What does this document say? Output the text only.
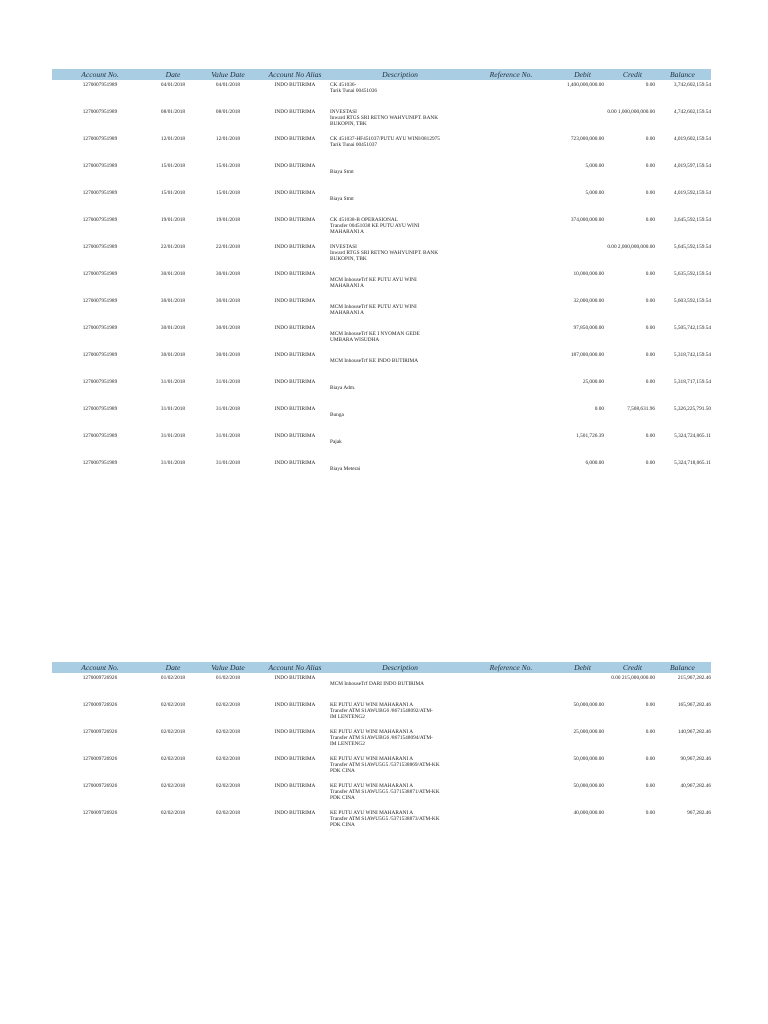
Account No.	Date	Value Date	Account No Alias	Description	Reference No.	Debit	Credit	Balance
1270007951989	04/01/2018	04/01/2018	INDO BUTIRIMA	CK 451036-
Tarik Tunai 00451036
1,400,000,000.00	0.00	3,742,602,159.54
1270007951989	08/01/2018	08/01/2018	INDO BUTIRIMA	INVESTASI
Inward RTGS SRI RETNO WAHYUNIPT. BANK
BUKOPIN, TBK
0.00 1,000,000,000.00	4,742,602,159.54
1270007951989	12/01/2018	12/01/2018	INDO BUTIRIMA	CK 451037-HF451037/PUTU AYU WINI/0812975
Tarik Tunai 00451037
723,000,000.00	0.00	4,019,602,159.54
1270007951989	15/01/2018	15/01/2018	INDO BUTIRIMA

Biaya Stmt
5,000.00	0.00	4,019,597,159.54
1270007951989	15/01/2018	15/01/2018	INDO BUTIRIMA

Biaya Stmt
5,000.00	0.00	4,019,592,159.54
1270007951989	19/01/2018	19/01/2018	INDO BUTIRIMA	CK 451038-B OPERASIONAL
Transfer 00451038 KE PUTU AYU WINI
MAHARANI A
374,000,000.00	0.00	3,645,592,159.54
1270007951989	22/01/2018	22/01/2018	INDO BUTIRIMA	INVESTASI
Inward RTGS SRI RETNO WAHYUNIPT. BANK
BUKOPIN, TBK
0.00 2,000,000,000.00	5,645,592,159.54
1270007951989	30/01/2018	30/01/2018	INDO BUTIRIMA

MCM InhouseTrf KE PUTU AYU WINI
MAHARANI A
10,000,000.00	0.00	5,635,592,159.54
1270007951989	30/01/2018	30/01/2018	INDO BUTIRIMA

MCM InhouseTrf KE PUTU AYU WINI
MAHARANI A
32,000,000.00	0.00	5,603,592,159.54
1270007951989	30/01/2018	30/01/2018	INDO BUTIRIMA

MCM InhouseTrf KE I NYOMAN GEDE
UMBARA WISUDHA
97,850,000.00	0.00	5,505,742,159.54
1270007951989	30/01/2018	30/01/2018	INDO BUTIRIMA

MCM InhouseTrf KE INDO BUTIRIMA
187,000,000.00	0.00	5,318,742,159.54
1270007951989	31/01/2018	31/01/2018	INDO BUTIRIMA

Biaya Adm.
25,000.00	0.00	5,318,717,159.54
1270007951989	31/01/2018	31/01/2018	INDO BUTIRIMA

Bunga
0.00	7,508,631.96	5,326,225,791.50
1270007951989	31/01/2018	31/01/2018	INDO BUTIRIMA

Pajak
1,501,726.39	0.00	5,324,724,065.11
1270007951989	31/01/2018	31/01/2018	INDO BUTIRIMA

Biaya Meterai
6,000.00	0.00	5,324,718,065.11
Account No.	Date	Value Date	Account No Alias	Description	Reference No.	Debit	Credit	Balance
1270009726926	01/02/2018	01/02/2018	INDO BUTIRIMA

MCM InhouseTrf DARI INDO BUTIRIMA
0.00 215,000,000.00	215,967,282.46
1270009726926	02/02/2018	02/02/2018	INDO BUTIRIMA	KE PUTU AYU WINI MAHARANI A
Transfer ATM S1AWUBG6 /8671548092/ATM-
IM LENTENG2
50,000,000.00	0.00	165,967,282.46
1270009726926	02/02/2018	02/02/2018	INDO BUTIRIMA	KE PUTU AYU WINI MAHARANI A
Transfer ATM S1AWUBG6 /8671548094/ATM-
IM LENTENG2
25,000,000.00	0.00	140,967,282.46
1270009726926	02/02/2018	02/02/2018	INDO BUTIRIMA	KE PUTU AYU WINI MAHARANI A
Transfer ATM S1AWU5G5 /5371538869/ATM-KK
PDK CINA
50,000,000.00	0.00	90,967,282.46
1270009726926	02/02/2018	02/02/2018	INDO BUTIRIMA	KE PUTU AYU WINI MAHARANI A
Transfer ATM S1AWU5G5 /5371538871/ATM-KK
PDK CINA
50,000,000.00	0.00	40,967,282.46
1270009726926	02/02/2018	02/02/2018	INDO BUTIRIMA	KE PUTU AYU WINI MAHARANI A
Transfer ATM S1AWU5G5 /5371538873/ATM-KK
PDK CINA
40,000,000.00	0.00	967,282.46
